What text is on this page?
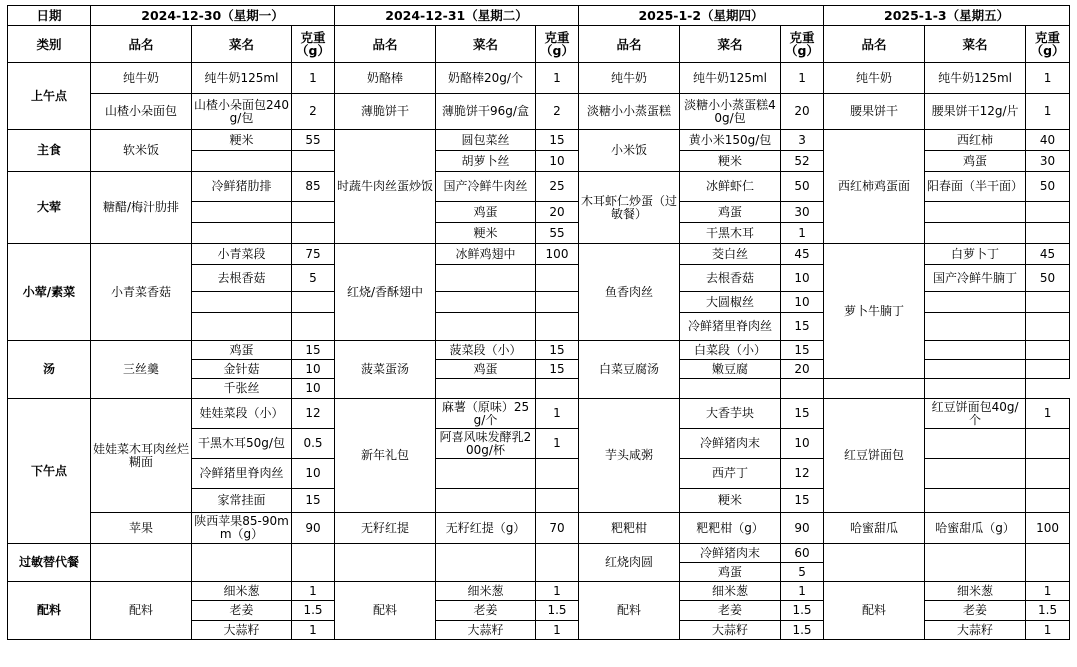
日期	2024-12-30（星期一）			2024-12-31（星期二）			2025-1-2（星期四）			2025-1-3（星期五）		
类别	品名	菜名	克重（g）	品名	菜名	克重（g）	品名	菜名	克重（g）	品名	菜名	克重（g）
上午点	纯牛奶	纯牛奶125ml	1	奶酪棒	奶酪棒20g/个	1	纯牛奶	纯牛奶125ml	1	纯牛奶	纯牛奶125ml	1
	山楂小朵面包	山楂小朵面包240g/包	2	薄脆饼干	薄脆饼干96g/盒	2	淡糖小小蒸蛋糕	淡糖小小蒸蛋糕40g/包	20	腰果饼干	腰果饼干12g/片	1
主食	软米饭	粳米	55	时蔬牛肉丝蛋炒饭	圆包菜丝	15	小米饭	黄小米150g/包	3	西红柿鸡蛋面	西红柿	40
					胡萝卜丝	10		粳米	52		鸡蛋	30
大荤	糖醋/梅汁肋排	冷鲜猪肋排	85		国产冷鲜牛肉丝	25	木耳虾仁炒蛋（过敏餐）	冰鲜虾仁	50		阳春面（半干面）	50
					鸡蛋	20		鸡蛋	30			
					粳米	55		干黑木耳	1			
小荤/素菜	小青菜香菇	小青菜段	75	红烧/香酥翅中	冰鲜鸡翅中	100	鱼香肉丝	茭白丝	45	萝卜牛腩丁	白萝卜丁	45
		去根香菇	5					去根香菇	10		国产冷鲜牛腩丁	50
								大圆椒丝	10			
								冷鲜猪里脊肉丝	15			
汤	三丝羹	鸡蛋	15	菠菜蛋汤	菠菜段（小）	15	白菜豆腐汤	白菜段（小）	15			
		金针菇	10		鸡蛋	15		嫩豆腐	20			
		千张丝	10									
下午点	娃娃菜木耳肉丝烂糊面	娃娃菜段（小）	12	新年礼包	麻薯（原味）25g/个	1	芋头咸粥	大香芋块	15	红豆饼面包	红豆饼面包40g/个	1
		干黑木耳50g/包	0.5		阿喜风味发酵乳200g/杯	1		冷鲜猪肉末	10			
		冷鲜猪里脊肉丝	10					西芹丁	12			
		家常挂面	15					粳米	15			
	苹果	陕西苹果85-90mm（g）	90	无籽红提	无籽红提（g）	70	粑粑柑	粑粑柑（g）	90	哈蜜甜瓜	哈蜜甜瓜（g）	100
过敏替代餐							红烧肉圆	冷鲜猪肉末	60			
								鸡蛋	5			
配料	配料	细米葱	1	配料	细米葱	1	配料	细米葱	1	配料	细米葱	1
		老姜	1.5		老姜	1.5		老姜	1.5		老姜	1.5
		大蒜籽	1		大蒜籽	1		大蒜籽	1.5		大蒜籽	1
